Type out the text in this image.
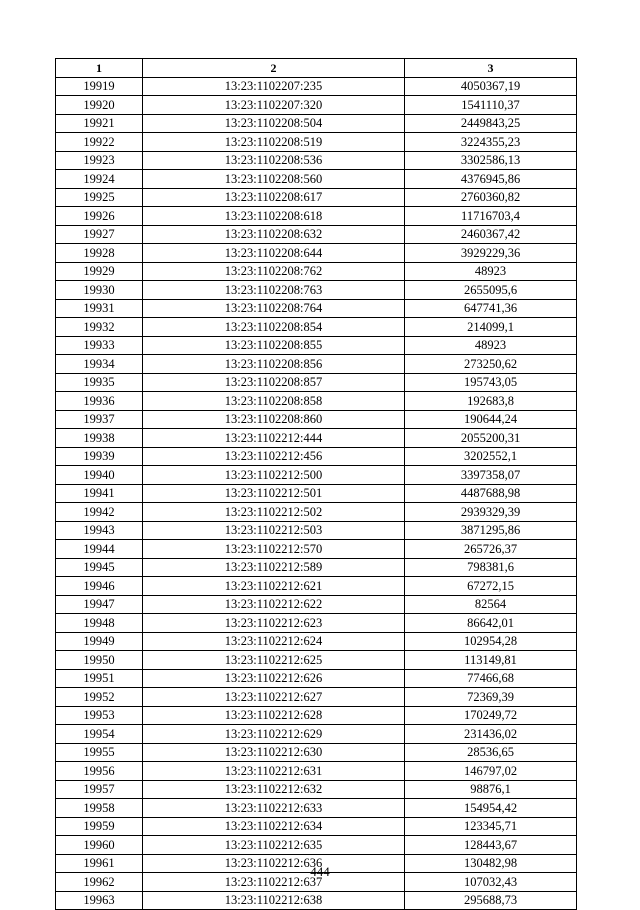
1	2	3
19919	13:23:1102207:235	4050367,19
19920	13:23:1102207:320	1541110,37
19921	13:23:1102208:504	2449843,25
19922	13:23:1102208:519	3224355,23
19923	13:23:1102208:536	3302586,13
19924	13:23:1102208:560	4376945,86
19925	13:23:1102208:617	2760360,82
19926	13:23:1102208:618	11716703,4
19927	13:23:1102208:632	2460367,42
19928	13:23:1102208:644	3929229,36
19929	13:23:1102208:762	48923
19930	13:23:1102208:763	2655095,6
19931	13:23:1102208:764	647741,36
19932	13:23:1102208:854	214099,1
19933	13:23:1102208:855	48923
19934	13:23:1102208:856	273250,62
19935	13:23:1102208:857	195743,05
19936	13:23:1102208:858	192683,8
19937	13:23:1102208:860	190644,24
19938	13:23:1102212:444	2055200,31
19939	13:23:1102212:456	3202552,1
19940	13:23:1102212:500	3397358,07
19941	13:23:1102212:501	4487688,98
19942	13:23:1102212:502	2939329,39
19943	13:23:1102212:503	3871295,86
19944	13:23:1102212:570	265726,37
19945	13:23:1102212:589	798381,6
19946	13:23:1102212:621	67272,15
19947	13:23:1102212:622	82564
19948	13:23:1102212:623	86642,01
19949	13:23:1102212:624	102954,28
19950	13:23:1102212:625	113149,81
19951	13:23:1102212:626	77466,68
19952	13:23:1102212:627	72369,39
19953	13:23:1102212:628	170249,72
19954	13:23:1102212:629	231436,02
19955	13:23:1102212:630	28536,65
19956	13:23:1102212:631	146797,02
19957	13:23:1102212:632	98876,1
19958	13:23:1102212:633	154954,42
19959	13:23:1102212:634	123345,71
19960	13:23:1102212:635	128443,67
19961	13:23:1102212:636	130482,98
19962	13:23:1102212:637	107032,43
19963	13:23:1102212:638	295688,73
444
